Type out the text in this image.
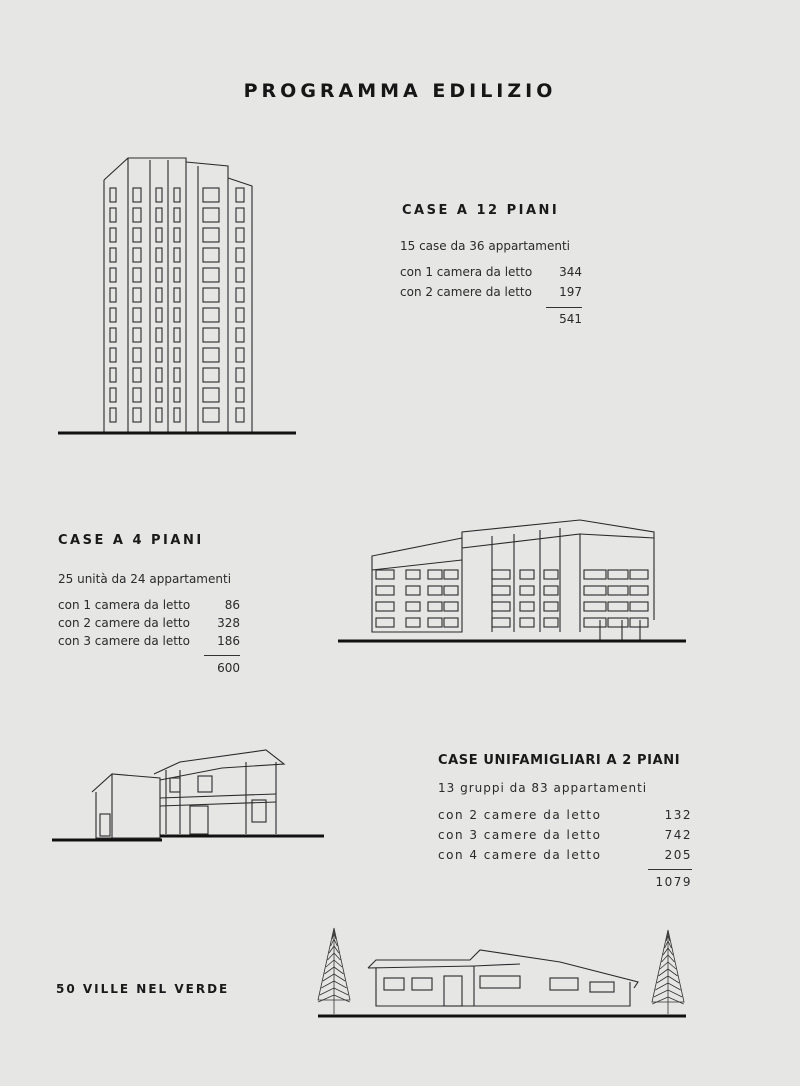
PROGRAMMA EDILIZIO
CASE A 12 PIANI
15 case da 36 appartamenti
con 1 camera da letto 344
con 2 camere da letto 197
541
CASE A 4 PIANI
25 unità da 24 appartamenti
con 1 camera da letto	86
con 2 camere da letto 328
con 3 camere da letto 186
600
CASE UNIFAMIGLIARI A 2 PIANI
13 gruppi da 83 appartamenti
con 2 camere da letto	132
con 3 camere da letto	742
con 4 camere da letto	205
1079
50 VILLE NEL VERDE
